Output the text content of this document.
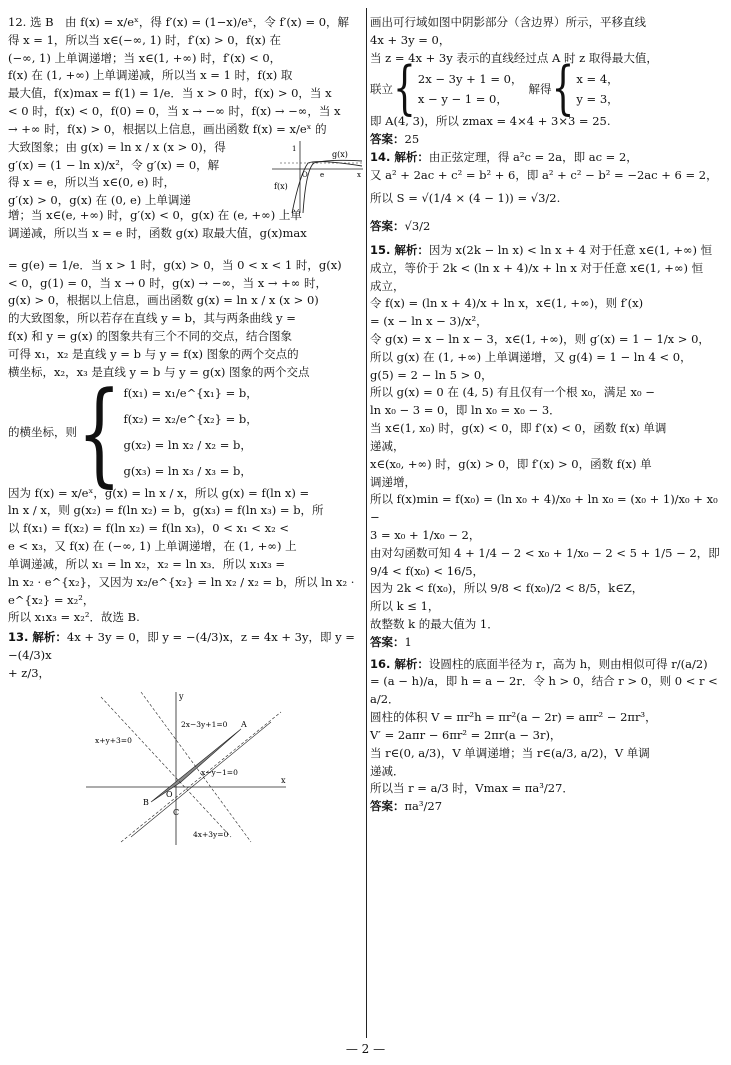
12. 选 B　由 f(x) = x/eˣ，得 f′(x) = (1−x)/eˣ，令 f′(x) = 0，解
得 x = 1，所以当 x∈(−∞, 1) 时，f′(x) > 0，f(x) 在
(−∞, 1) 上单调递增；当 x∈(1, +∞) 时，f′(x) < 0，
f(x) 在 (1, +∞) 上单调递减，所以当 x = 1 时，f(x) 取
最大值，f(x)max = f(1) = 1/e．当 x > 0 时，f(x) > 0，当 x
< 0 时，f(x) < 0，f(0) = 0，当 x → −∞ 时，f(x) → −∞，当 x
→ +∞ 时，f(x) > 0，根据以上信息，画出函数 f(x) = x/eˣ 的
大致图象；由 g(x) = ln x / x (x > 0)，得
g′(x) = (1 − ln x)/x²，令 g′(x) = 0，解
得 x = e，所以当 x∈(0, e) 时，
g′(x) > 0，g(x) 在 (0, e) 上单调递
f(x)
g(x)
O e	x
1
增；当 x∈(e, +∞) 时，g′(x) < 0，g(x) 在 (e, +∞) 上单
调递减，所以当 x = e 时，函数 g(x) 取最大值，g(x)max
= g(e) = 1/e．当 x > 1 时，g(x) > 0，当 0 < x < 1 时，g(x)
< 0，g(1) = 0，当 x → 0 时，g(x) → −∞，当 x → +∞ 时，
g(x) > 0，根据以上信息，画出函数 g(x) = ln x / x (x > 0)
的大致图象，所以若存在直线 y = b，其与两条曲线 y =
f(x) 和 y = g(x) 的图象共有三个不同的交点，结合图象
可得 x₁，x₂ 是直线 y = b 与 y = f(x) 图象的两个交点的
横坐标，x₂，x₃ 是直线 y = b 与 y = g(x) 图象的两个交点
的横坐标，则 { f(x₁) = x₁/e^{x₁} = b，
f(x₂) = x₂/e^{x₂} = b，
g(x₂) = ln x₂ / x₂ = b，
g(x₃) = ln x₃ / x₃ = b，
因为 f(x) = x/eˣ，g(x) = ln x / x，所以 g(x) = f(ln x) =
ln x / x，则 g(x₂) = f(ln x₂) = b，g(x₃) = f(ln x₃) = b，所
以 f(x₁) = f(x₂) = f(ln x₂) = f(ln x₃)，0 < x₁ < x₂ <
e < x₃，又 f(x) 在 (−∞, 1) 上单调递增，在 (1, +∞) 上
单调递减，所以 x₁ = ln x₂，x₂ = ln x₃．所以 x₁x₃ =
ln x₂ · e^{x₂}，又因为 x₂/e^{x₂} = ln x₂ / x₂ = b，所以 ln x₂ · e^{x₂} = x₂²，
所以 x₁x₃ = x₂²．故选 B.
13. 解析：4x + 3y = 0，即 y = −(4/3)x，z = 4x + 3y，即 y = −(4/3)x
+ z/3，
x
y
O
x+y+3=0
2x−3y+1=0
x−y−1=0
4x+3y=0
A
B
C
画出可行域如图中阴影部分（含边界）所示，平移直线
4x + 3y = 0，
当 z = 4x + 3y 表示的直线经过点 A 时 z 取得最大值，
联立 { 2x − 3y + 1 = 0，
x − y − 1 = 0，
解得 { x = 4，
y = 3，
即 A(4, 3)，所以 zmax = 4×4 + 3×3 = 25.
答案：25
14. 解析：由正弦定理，得 a²c = 2a，即 ac = 2，
又 a² + 2ac + c² = b² + 6，即 a² + c² − b² = −2ac + 6 = 2，
所以 S = √(1/4 × (4 − 1)) = √3/2.
答案：√3/2
15. 解析：因为 x(2k − ln x) < ln x + 4 对于任意 x∈(1, +∞) 恒
成立，等价于 2k < (ln x + 4)/x + ln x 对于任意 x∈(1, +∞) 恒
成立，
令 f(x) = (ln x + 4)/x + ln x，x∈(1, +∞)，则 f′(x)
= (x − ln x − 3)/x²，
令 g(x) = x − ln x − 3，x∈(1, +∞)，则 g′(x) = 1 − 1/x > 0，
所以 g(x) 在 (1, +∞) 上单调递增，又 g(4) = 1 − ln 4 < 0，
g(5) = 2 − ln 5 > 0，
所以 g(x) = 0 在 (4, 5) 有且仅有一个根 x₀，满足 x₀ −
ln x₀ − 3 = 0，即 ln x₀ = x₀ − 3．
当 x∈(1, x₀) 时，g(x) < 0，即 f′(x) < 0，函数 f(x) 单调
递减，
x∈(x₀, +∞) 时，g(x) > 0，即 f′(x) > 0，函数 f(x) 单
调递增，
所以 f(x)min = f(x₀) = (ln x₀ + 4)/x₀ + ln x₀ = (x₀ + 1)/x₀ + x₀ −
3 = x₀ + 1/x₀ − 2，
由对勾函数可知 4 + 1/4 − 2 < x₀ + 1/x₀ − 2 < 5 + 1/5 − 2，即
9/4 < f(x₀) < 16/5，
因为 2k < f(x₀)，所以 9/8 < f(x₀)/2 < 8/5，k∈Z，
所以 k ≤ 1，
故整数 k 的最大值为 1．
答案：1
16. 解析：设圆柱的底面半径为 r，高为 h，则由相似可得 r/(a/2)
= (a − h)/a，即 h = a − 2r．令 h > 0，结合 r > 0，则 0 < r < a/2．
圆柱的体积 V = πr²h = πr²(a − 2r) = aπr² − 2πr³，
V′ = 2aπr − 6πr² = 2πr(a − 3r)，
当 r∈(0, a/3)，V 单调递增；当 r∈(a/3, a/2)，V 单调
递减．
所以当 r = a/3 时，Vmax = πa³/27．
答案：πa³/27
— 2 —
